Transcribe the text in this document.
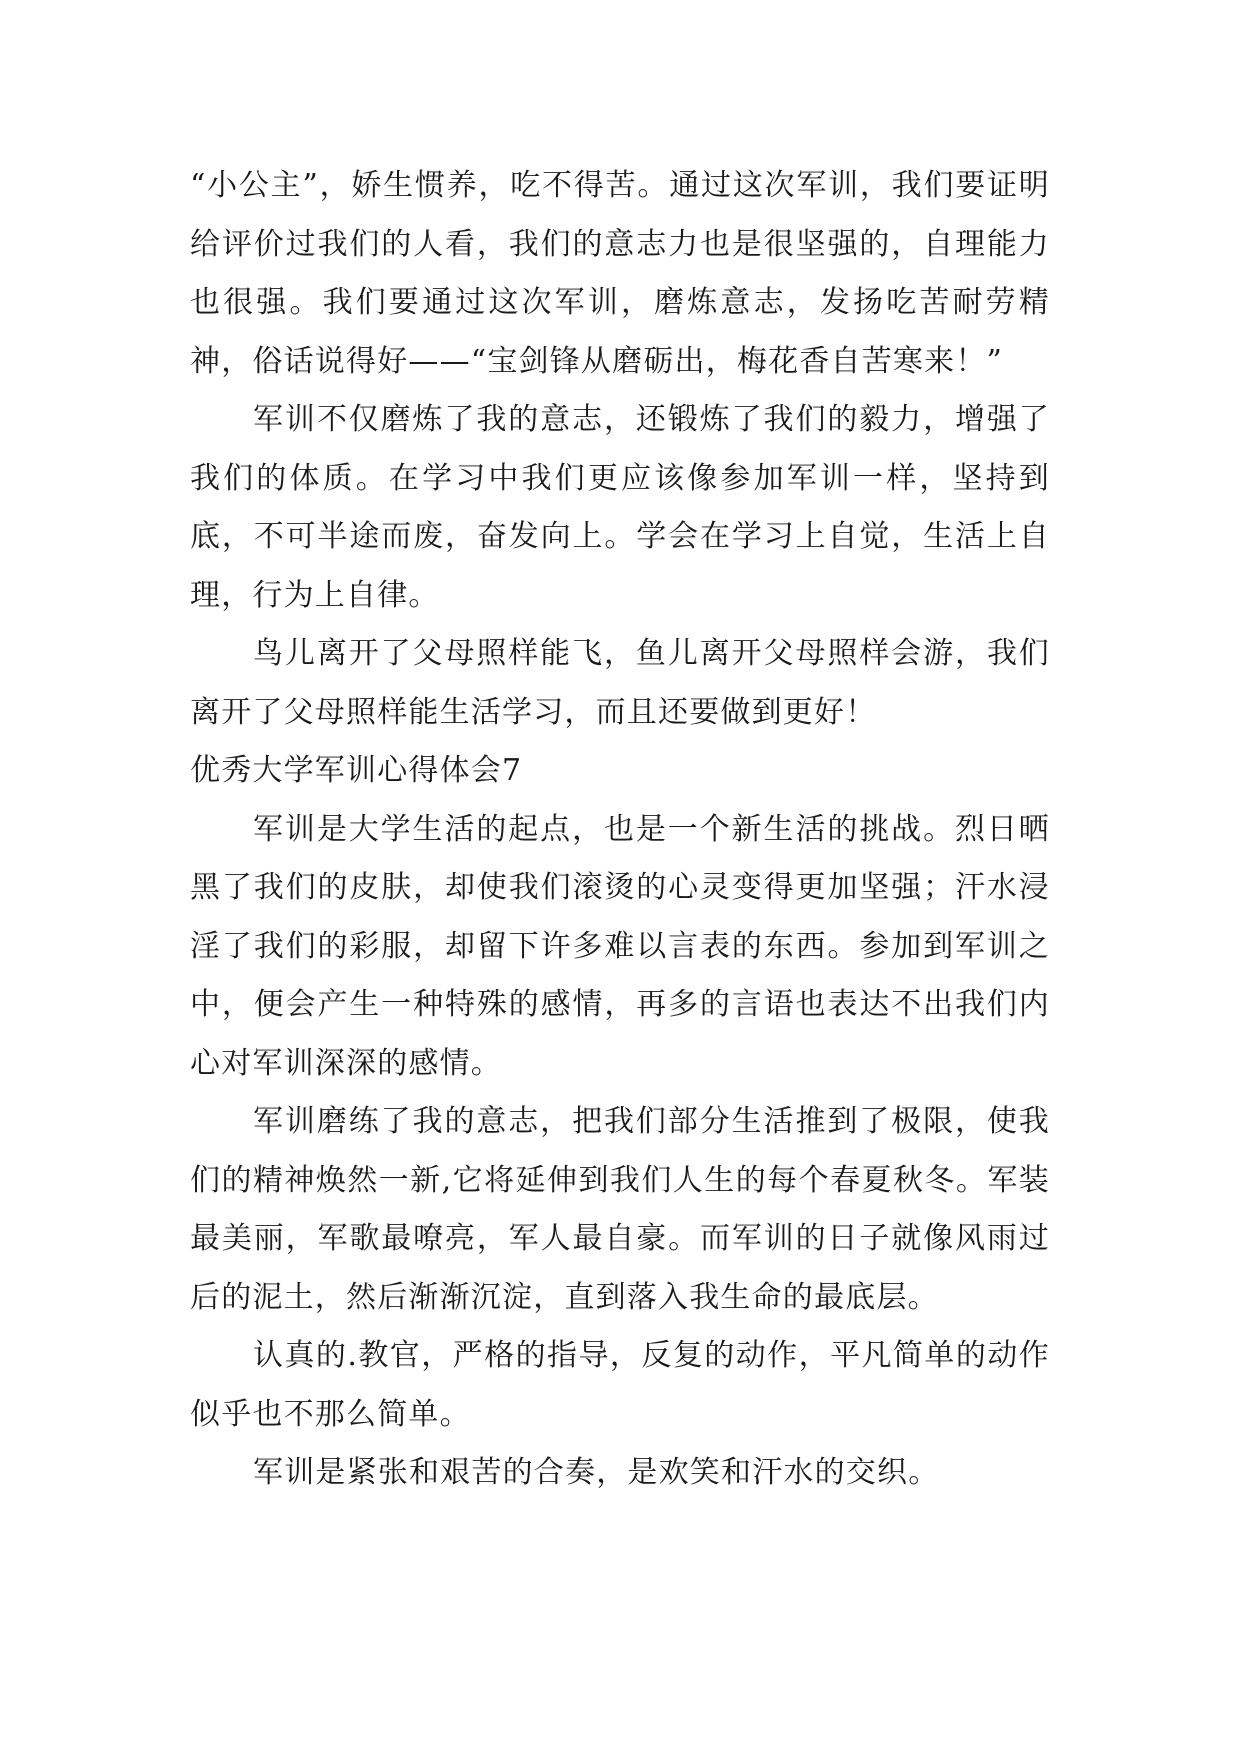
“小公主”，娇生惯养，吃不得苦。通过这次军训，我们要证明给评价过我们的人看，我们的意志力也是很坚强的，自理能力也很强。我们要通过这次军训，磨炼意志，发扬吃苦耐劳精神，俗话说得好——“宝剑锋从磨砺出，梅花香自苦寒来！”

军训不仅磨炼了我的意志，还锻炼了我们的毅力，增强了我们的体质。在学习中我们更应该像参加军训一样，坚持到底，不可半途而废，奋发向上。学会在学习上自觉，生活上自理，行为上自律。

鸟儿离开了父母照样能飞，鱼儿离开父母照样会游，我们离开了父母照样能生活学习，而且还要做到更好！

优秀大学军训心得体会7

军训是大学生活的起点，也是一个新生活的挑战。烈日晒黑了我们的皮肤，却使我们滚烫的心灵变得更加坚强；汗水浸淫了我们的彩服，却留下许多难以言表的东西。参加到军训之中，便会产生一种特殊的感情，再多的言语也表达不出我们内心对军训深深的感情。

军训磨练了我的意志，把我们部分生活推到了极限，使我们的精神焕然一新,它将延伸到我们人生的每个春夏秋冬。军装最美丽，军歌最嘹亮，军人最自豪。而军训的日子就像风雨过后的泥土，然后渐渐沉淀，直到落入我生命的最底层。

认真的.教官，严格的指导，反复的动作，平凡简单的动作似乎也不那么简单。

军训是紧张和艰苦的合奏，是欢笑和汗水的交织。
